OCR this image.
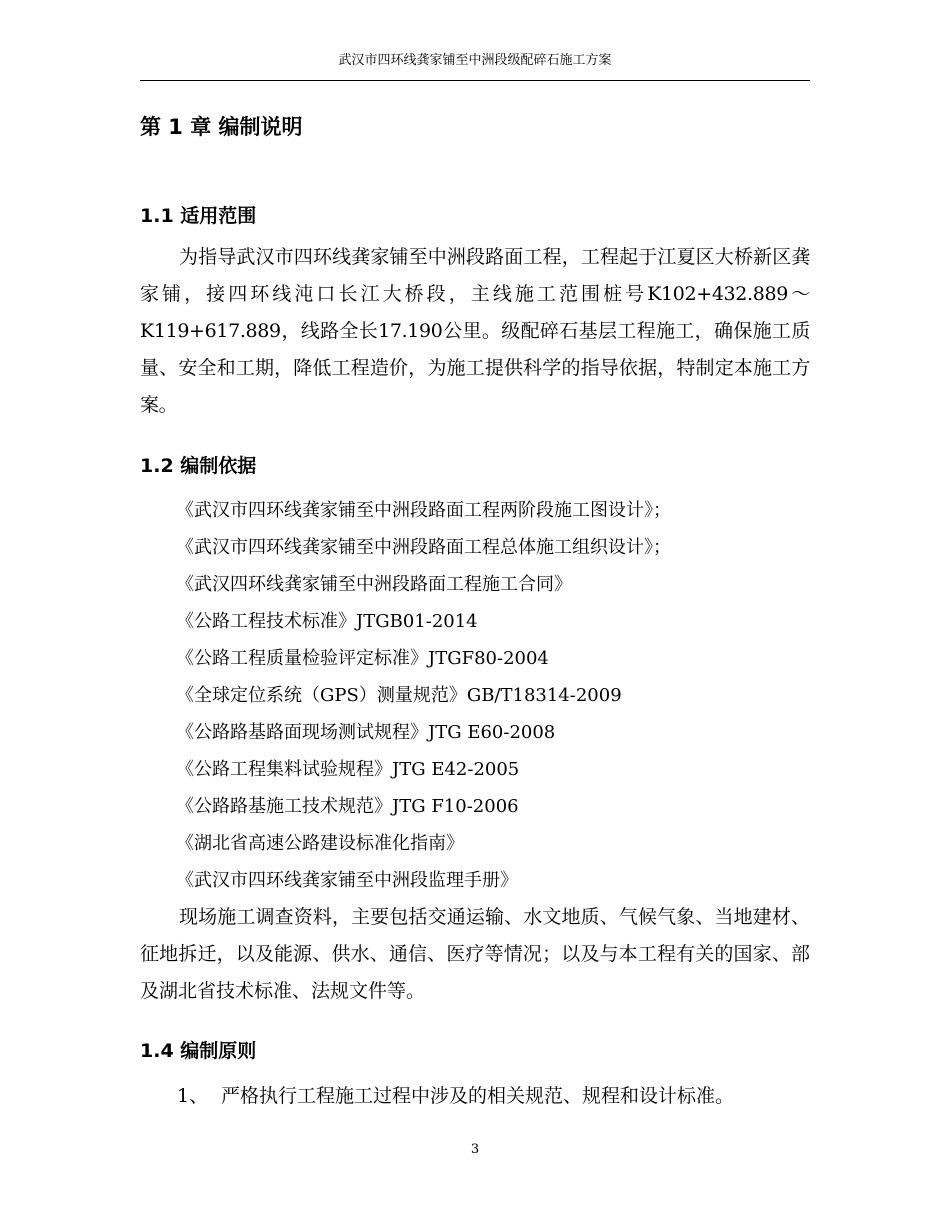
武汉市四环线龚家铺至中洲段级配碎石施工方案
第 1 章 编制说明
1.1 适用范围

为指导武汉市四环线龚家铺至中洲段路面工程，工程起于江夏区大桥新区龚家铺，接四环线沌口长江大桥段，主线施工范围桩号K102+432.889～K119+617.889，线路全长17.190公里。级配碎石基层工程施工，确保施工质量、安全和工期，降低工程造价，为施工提供科学的指导依据，特制定本施工方案。

1.2 编制依据
《武汉市四环线龚家铺至中洲段路面工程两阶段施工图设计》；
《武汉市四环线龚家铺至中洲段路面工程总体施工组织设计》；
《武汉四环线龚家铺至中洲段路面工程施工合同》
《公路工程技术标准》JTGB01-2014
《公路工程质量检验评定标准》JTGF80-2004
《全球定位系统（GPS）测量规范》GB/T18314-2009
《公路路基路面现场测试规程》JTG E60-2008
《公路工程集料试验规程》JTG E42-2005
《公路路基施工技术规范》JTG F10-2006
《湖北省高速公路建设标准化指南》
《武汉市四环线龚家铺至中洲段监理手册》

现场施工调查资料，主要包括交通运输、水文地质、气候气象、当地建材、征地拆迁，以及能源、供水、通信、医疗等情况；以及与本工程有关的国家、部及湖北省技术标准、法规文件等。

1.4 编制原则

1、 严格执行工程施工过程中涉及的相关规范、规程和设计标准。

3
